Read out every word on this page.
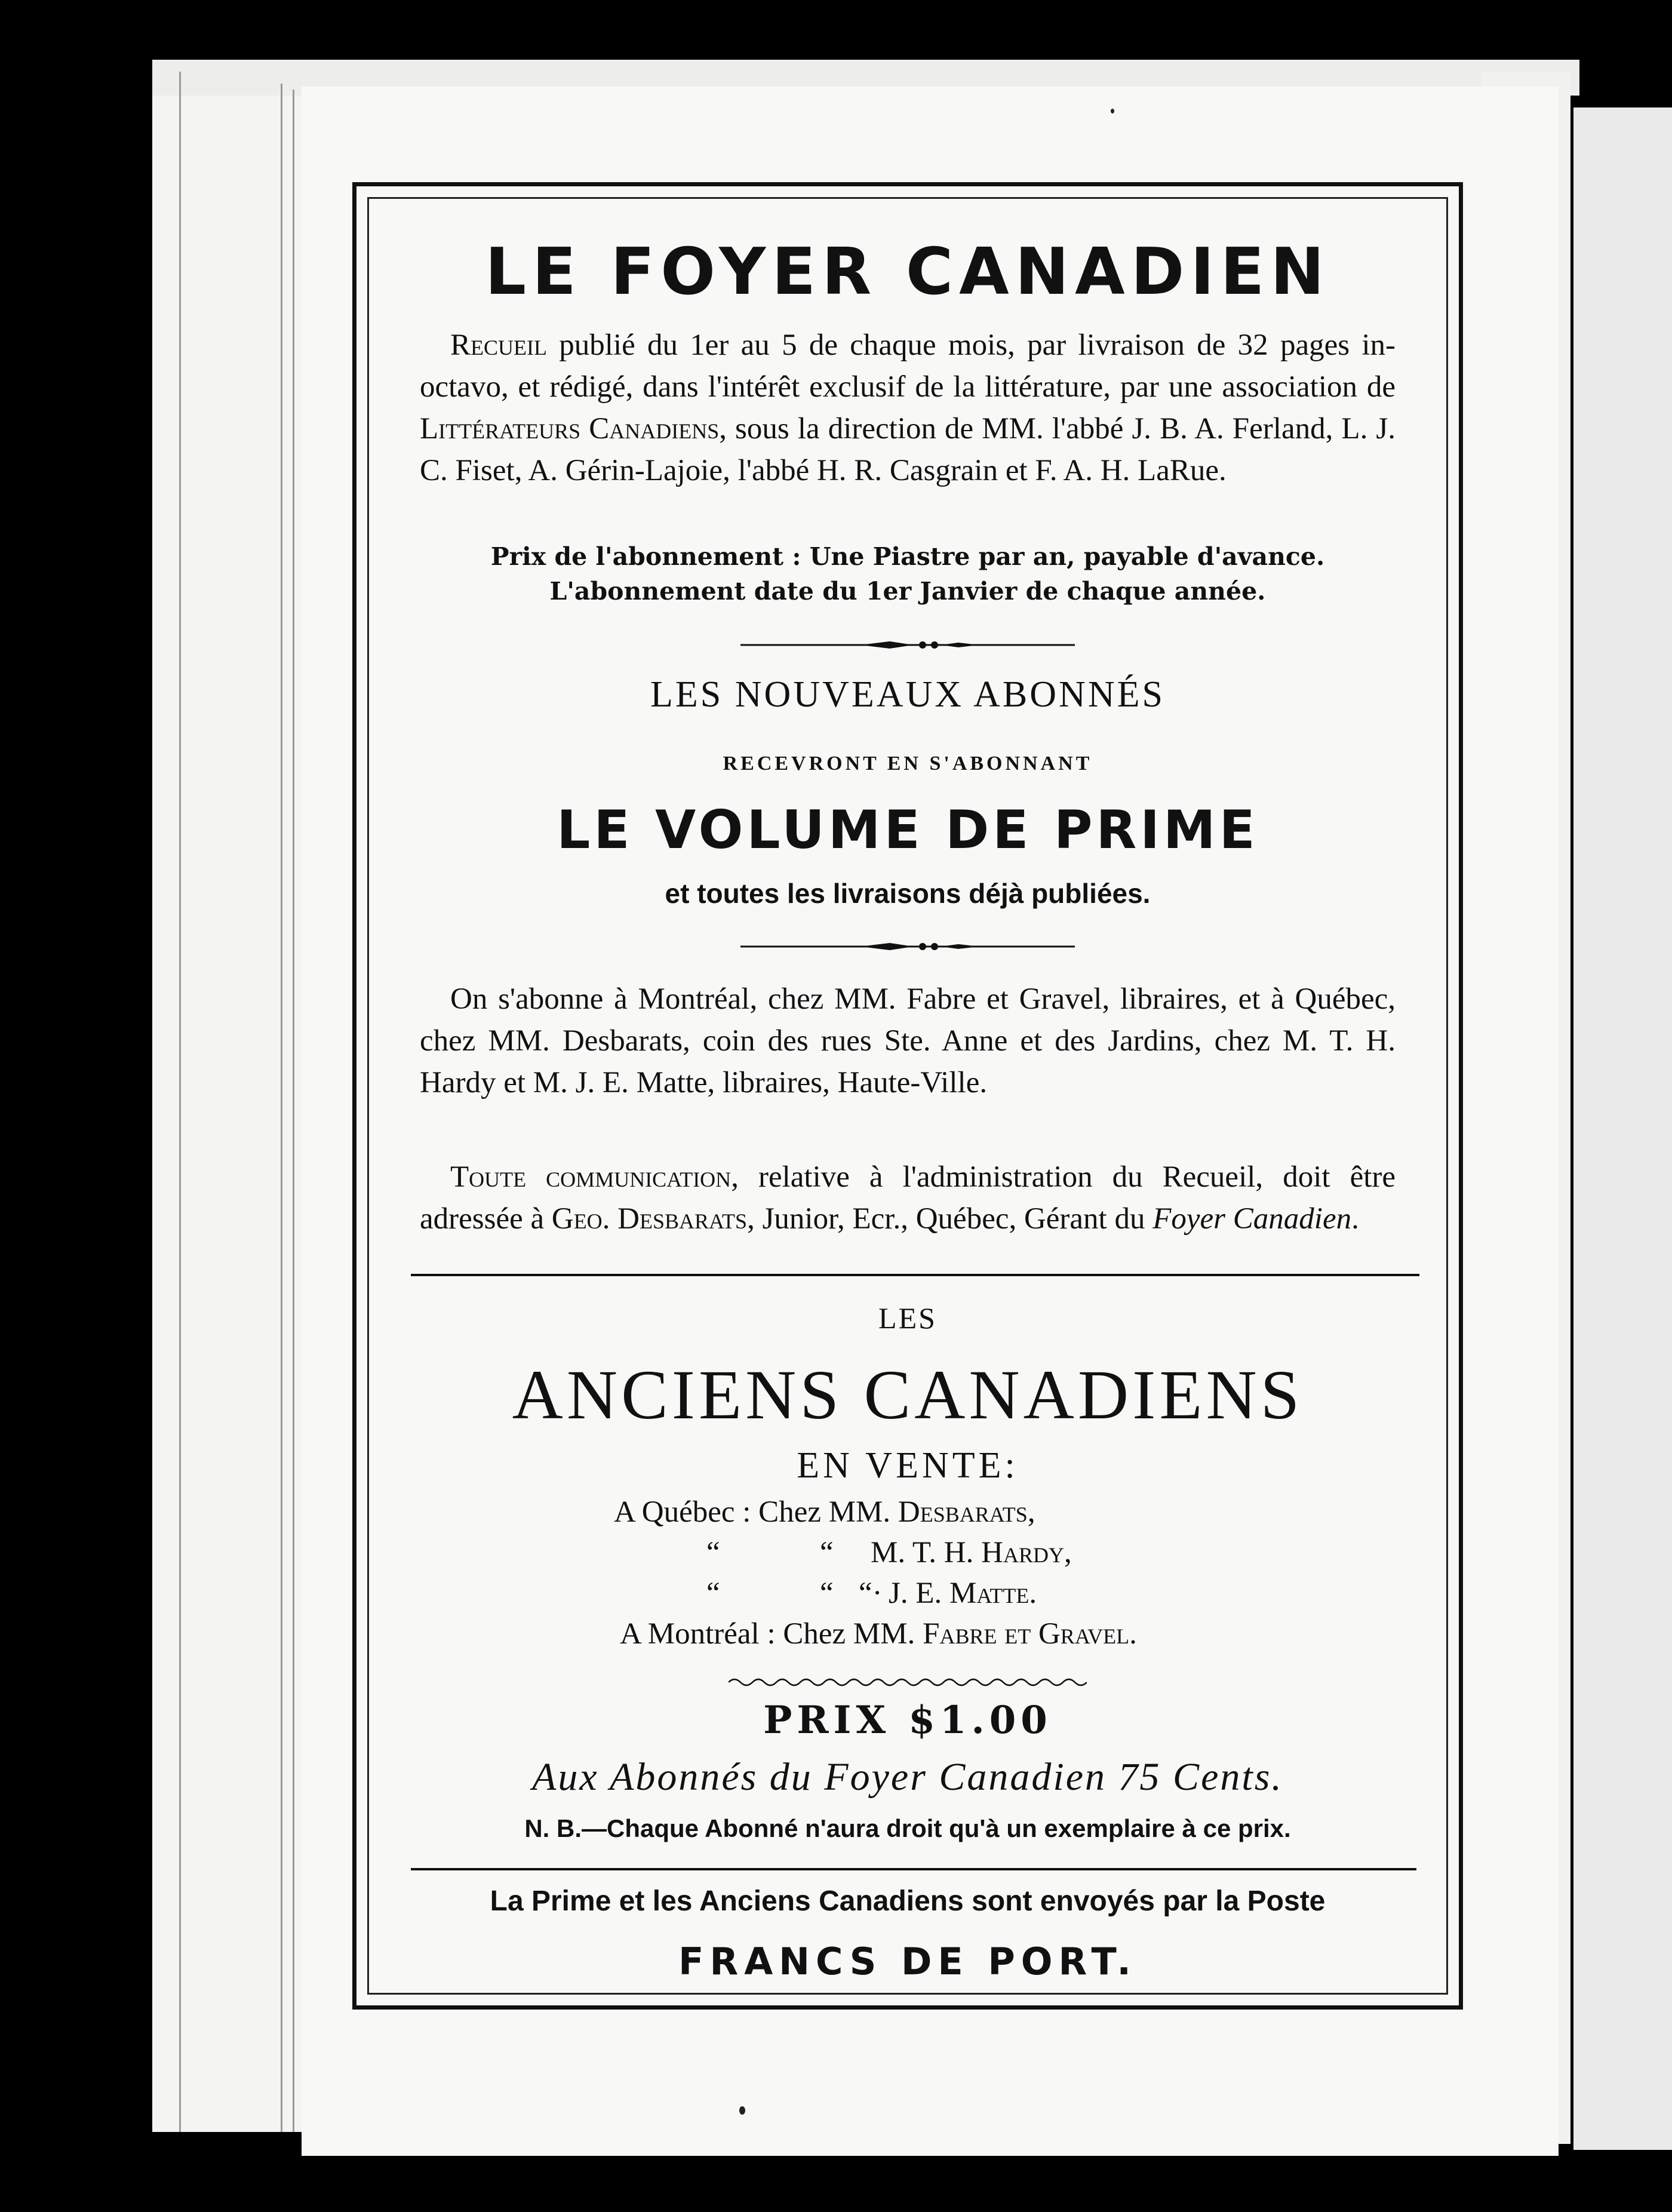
LE FOYER CANADIEN
 Recueil publié du 1er au 5 de chaque mois, par livraison de 32 pages in-octavo, et rédigé, dans l'intérêt exclusif de la littérature, par une association de Littérateurs Canadiens, sous la direction de MM. l'abbé J. B. A. Ferland, L. J. C. Fiset, A. Gérin-Lajoie, l'abbé H. R. Casgrain et F. A. H. LaRue.
Prix de l'abonnement : Une Piastre par an, payable d'avance.
L'abonnement date du 1er Janvier de chaque année.
LES NOUVEAUX ABONNÉS
RECEVRONT EN S'ABONNANT
LE VOLUME DE PRIME
et toutes les livraisons déjà publiées.
 On s'abonne à Montréal, chez MM. Fabre et Gravel, libraires, et à Québec, chez MM. Desbarats, coin des rues Ste. Anne et des Jardins, chez M. T. H. Hardy et M. J. E. Matte, libraires, Haute-Ville.
 Toute communication, relative à l'administration du Recueil, doit être adressée à Geo. Desbarats, Junior, Ecr., Québec, Gérant du Foyer Canadien.
LES
ANCIENS CANADIENS
EN VENTE:
A Québec : Chez MM. Desbarats,
“	“ M. T. H. Hardy,
“	“ “· J. E. Matte.
A Montréal : Chez MM. Fabre et Gravel.
PRIX $1.00
Aux Abonnés du Foyer Canadien 75 Cents.
N. B.—Chaque Abonné n'aura droit qu'à un exemplaire à ce prix.
La Prime et les Anciens Canadiens sont envoyés par la Poste
FRANCS DE PORT.
